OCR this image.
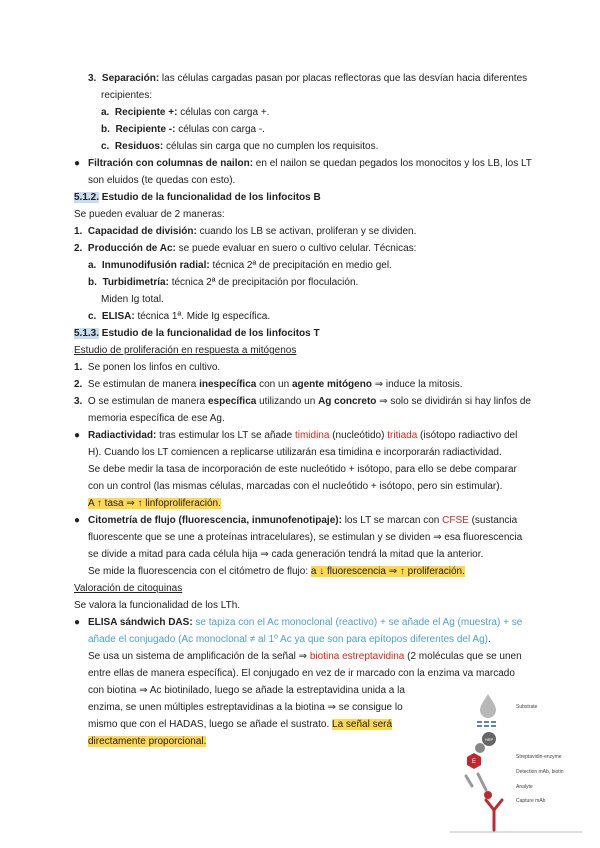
3. Separación: las células cargadas pasan por placas reflectoras que las desvían hacia diferentes
recipientes:
a. Recipiente +: células con carga +.
b. Recipiente -: células con carga -.
c. Residuos: células sin carga que no cumplen los requisitos.
● Filtración con columnas de nailon: en el nailon se quedan pegados los monocitos y los LB, los LT
son eluidos (te quedas con esto).
5.1.2. Estudio de la funcionalidad de los linfocitos B
Se pueden evaluar de 2 maneras:
1. Capacidad de división: cuando los LB se activan, proliferan y se dividen.
2. Producción de Ac: se puede evaluar en suero o cultivo celular. Técnicas:
a. Inmunodifusión radial: técnica 2ª de precipitación en medio gel.
b. Turbidimetría: técnica 2ª de precipitación por floculación.
Miden Ig total.
c. ELISA: técnica 1ª. Mide Ig específica.
5.1.3. Estudio de la funcionalidad de los linfocitos T
Estudio de proliferación en respuesta a mitógenos
1. Se ponen los linfos en cultivo.
2. Se estimulan de manera inespecífica con un agente mitógeno ⇒ induce la mitosis.
3. O se estimulan de manera específica utilizando un Ag concreto ⇒ solo se dividirán si hay linfos de
memoria específica de ese Ag.
● Radiactividad: tras estimular los LT se añade timidina (nucleótido) tritiada (isótopo radiactivo del
H). Cuando los LT comiencen a replicarse utilizarán esa timidina e incorporarán radiactividad.
Se debe medir la tasa de incorporación de este nucleótido + isótopo, para ello se debe comparar
con un control (las mismas células, marcadas con el nucleótido + isótopo, pero sin estimular).
A ↑ tasa ⇒ ↑ linfoproliferación.
● Citometría de flujo (fluorescencia, inmunofenotipaje): los LT se marcan con CFSE (sustancia
fluorescente que se une a proteínas intracelulares), se estimulan y se dividen ⇒ esa fluorescencia
se divide a mitad para cada célula hija ⇒ cada generación tendrá la mitad que la anterior.
Se mide la fluorescencia con el citómetro de flujo: a ↓ fluorescencia ⇒ ↑ proliferación.
Valoración de citoquinas
Se valora la funcionalidad de los LTh.
● ELISA sándwich DAS: se tapiza con el Ac monoclonal (reactivo) + se añade el Ag (muestra) + se
añade el conjugado (Ac monoclonal ≠ al 1º Ac ya que son para epítopos diferentes del Ag).
Se usa un sistema de amplificación de la señal ⇒ biotina estreptavidina (2 moléculas que se unen
entre ellas de manera específica). El conjugado en vez de ir marcado con la enzima va marcado
con biotina ⇒ Ac biotinilado, luego se añade la estreptavidina unida a la
enzima, se unen múltiples estreptavidinas a la biotina ⇒ se consigue lo
mismo que con el HADAS, luego se añade el sustrato. La señal será
directamente proporcional.	HRP
E
Substrate
Streptavidin-enzyme
Detection mAb, biotin
Analyte
Capture mAb
